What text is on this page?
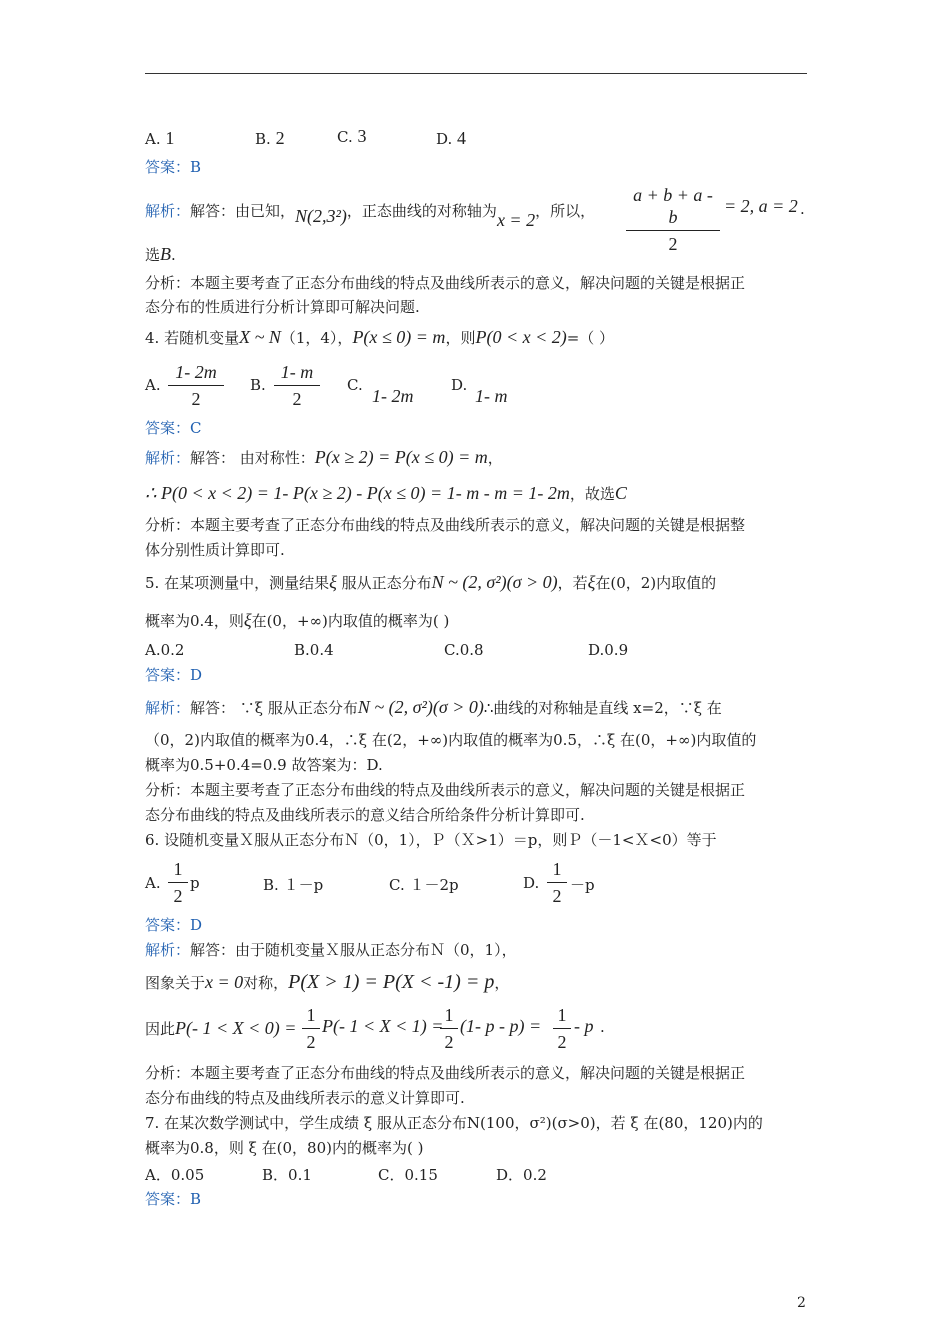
A. 1	B. 2	C. 3	D. 4
答案：B
解析：解答：由已知，N(2,3²)，正态曲线的对称轴为x = 2，所以， $\frac{a + b + a - b}{2} = 2$, a = 2 .
选B.
分析：本题主要考查了正态分布曲线的特点及曲线所表示的意义，解决问题的关键是根据正
态分布的性质进行分析计算即可解决问题.
4. 若随机变量X ~ N（1，4），P(x ≤ 0) = m，则P(0 < x < 2)=（ ）
A. $\frac{1- 2m}{2} B$. $\frac{1- m}{2} C$.
1- 2m
D.
1- m
答案：C
解析：解答： 由对称性：P(x ≥ 2) = P(x ≤ 0) = m，
∴ P(0 < x < 2) = 1- P(x ≥ 2) - P(x ≤ 0) = 1- m - m = 1- 2m，故选C
分析：本题主要考查了正态分布曲线的特点及曲线所表示的意义，解决问题的关键是根据整
体分别性质计算即可.
5. 在某项测量中，测量结果ξ 服从正态分布N ~ (2, σ²)(σ > 0)，若ξ在(0，2)内取值的
概率为0.4，则ξ在(0，+∞)内取值的概率为( )
A.0.2	B.0.4	C.0.8	D.0.9
答案：D
解析：解答： ∵ξ 服从正态分布N ~ (2, σ²)(σ > 0)∴曲线的对称轴是直线 x=2，∵ξ 在
（0，2)内取值的概率为0.4，∴ξ 在(2，+∞)内取值的概率为0.5，∴ξ 在(0，+∞)内取值的
概率为0.5+0.4=0.9 故答案为：D.
分析：本题主要考查了正态分布曲线的特点及曲线所表示的意义，解决问题的关键是根据正
态分布曲线的特点及曲线所表示的意义结合所给条件分析计算即可.
6. 设随机变量Ｘ服从正态分布Ｎ（0，1），Ｐ（Ｘ>1）＝p，则Ｐ（－1<Ｘ<0）等于
A. $\frac{1}{2}$ p	B. １－p	C. １－2p	D. $\frac{1}{2} -p$
答案：D
解析：解答：由于随机变量Ｘ服从正态分布Ｎ（0，1），
图象关于x = 0对称，P(X > 1) = P(X < -1) = p，
因此P(- $1 < X < 0) = \frac{1}{2} P(-$ 1 < X < 1) =
$\frac{1}{2} (1-$ $p - p) = \frac{1}{2} - p$ .
分析：本题主要考查了正态分布曲线的特点及曲线所表示的意义，解决问题的关键是根据正
态分布曲线的特点及曲线所表示的意义计算即可.
7. 在某次数学测试中，学生成绩 ξ 服从正态分布N(100，σ²)(σ>0)，若 ξ 在(80，120)内的
概率为0.8，则 ξ 在(0，80)内的概率为( )
A．0.05	B．0.1	C．0.15	D．0.2
答案：B
2
